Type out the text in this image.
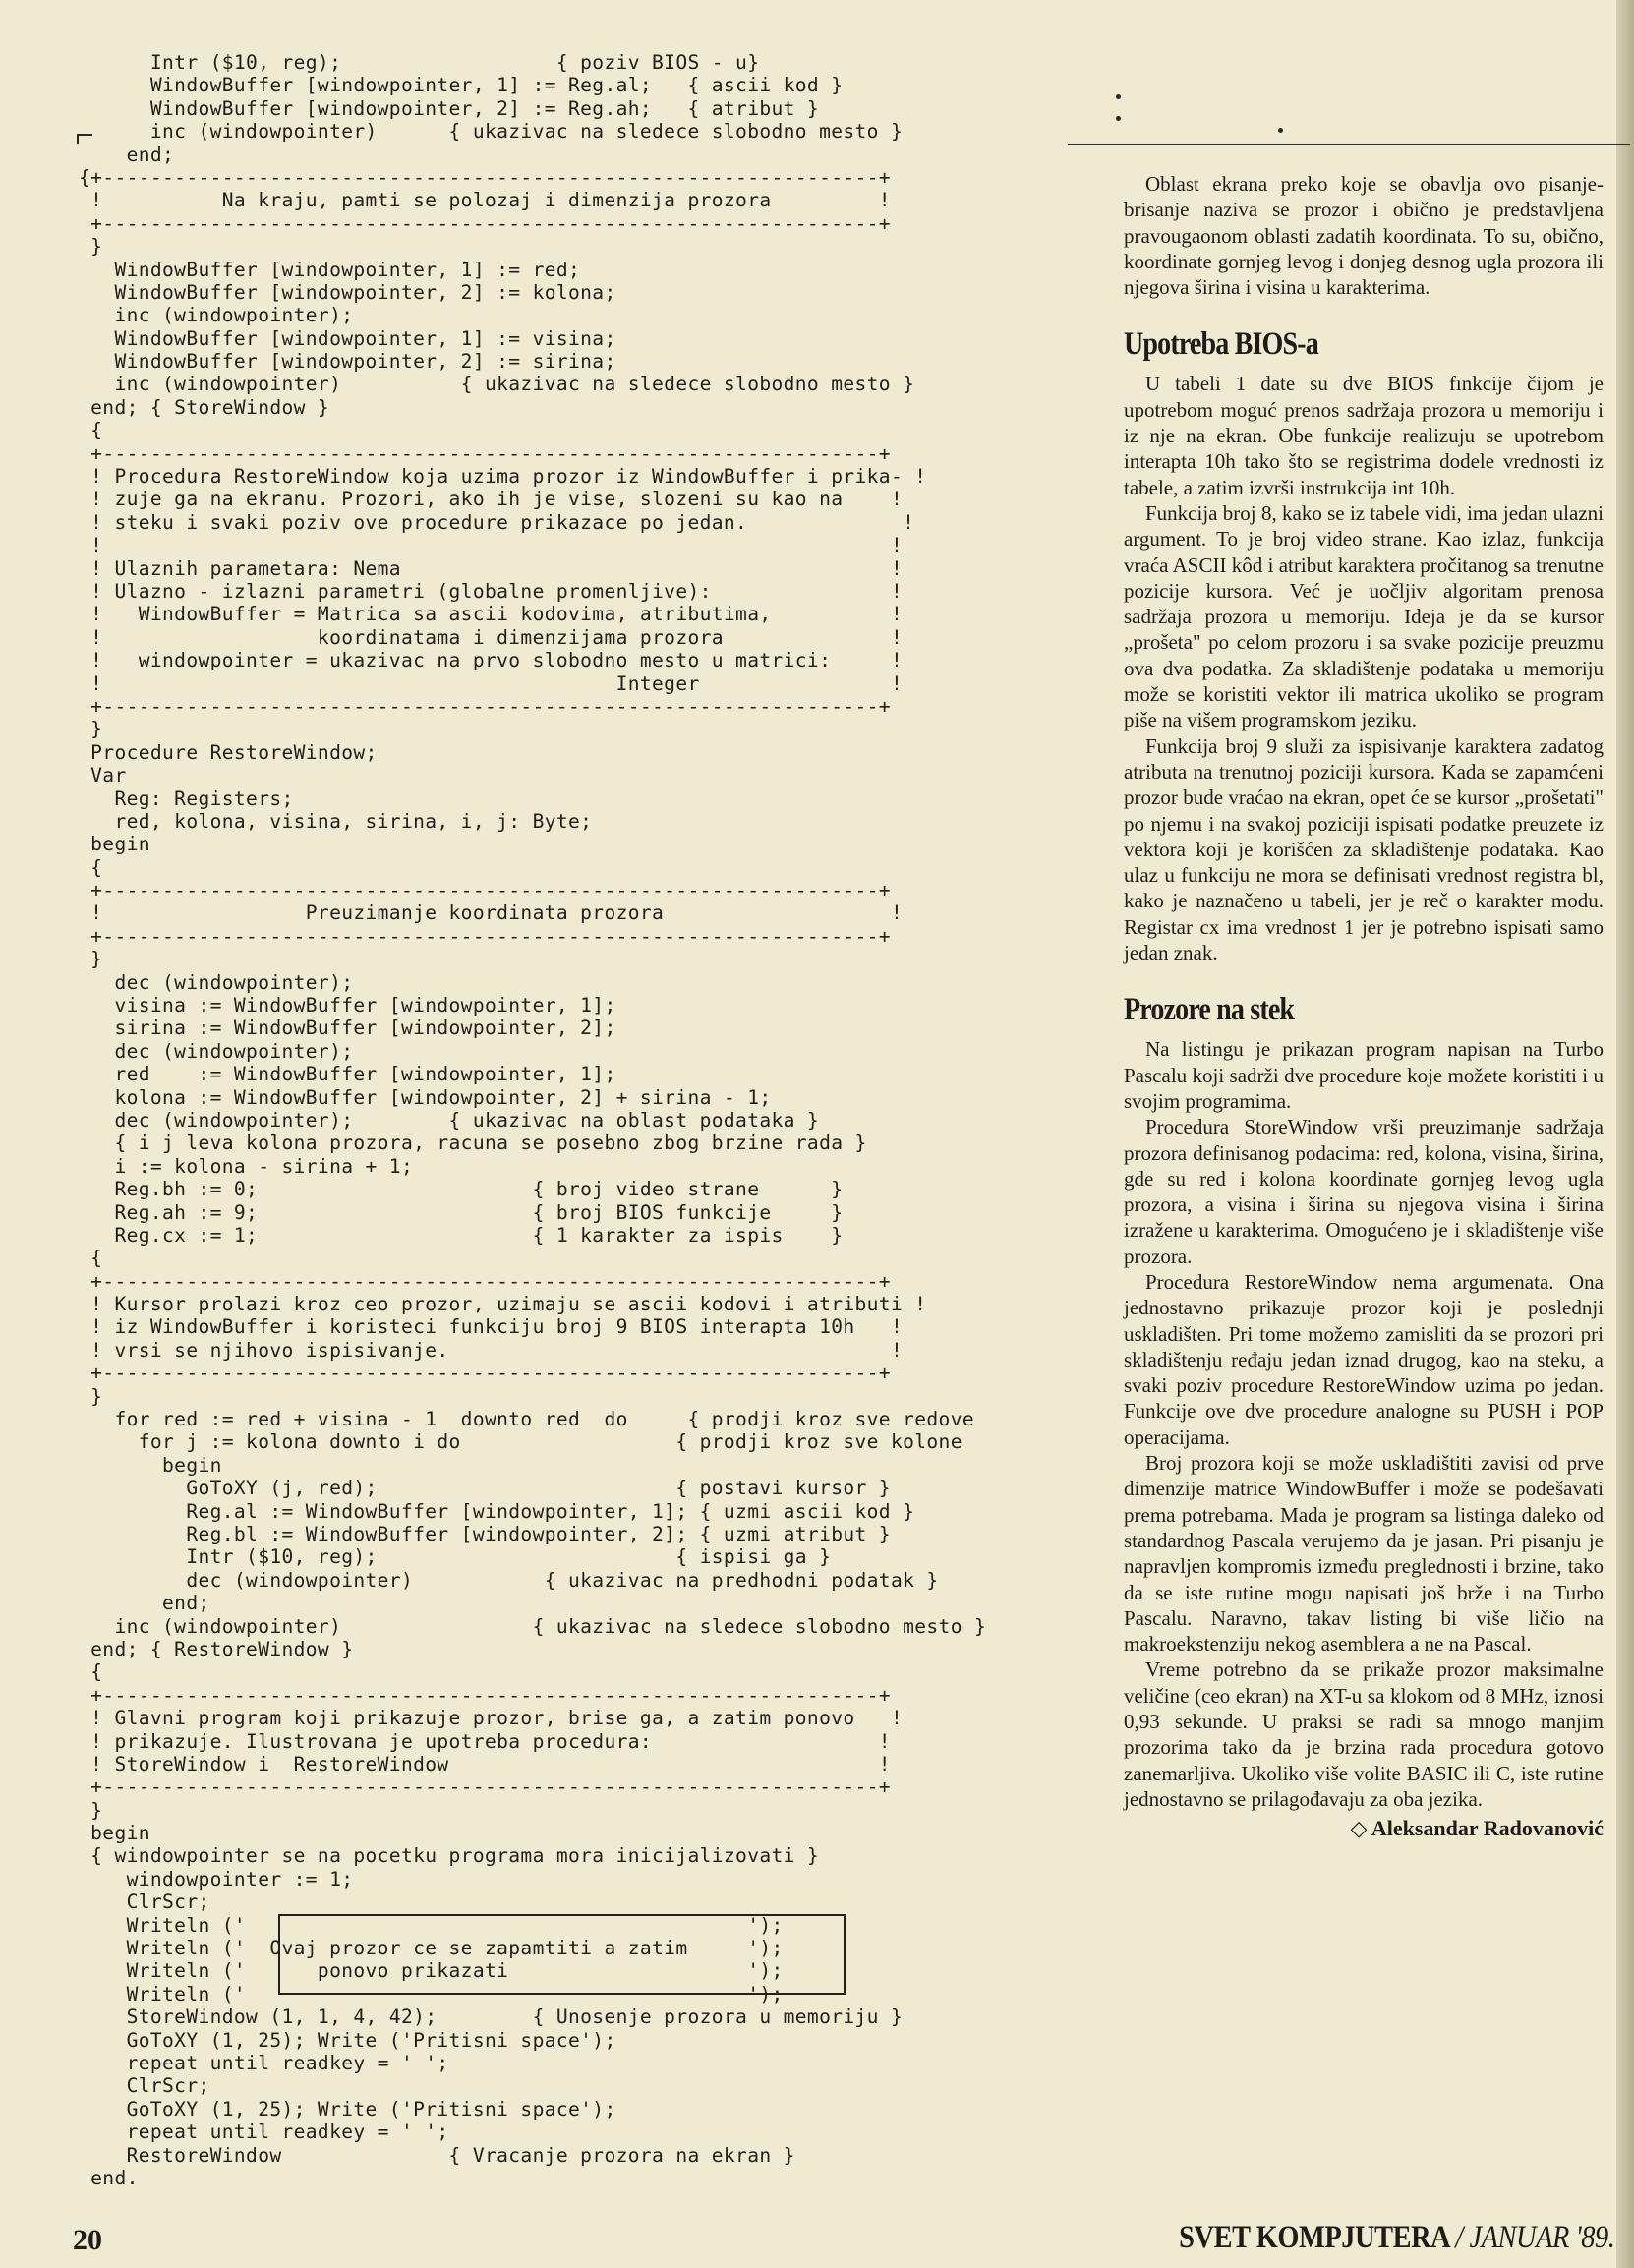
Intr ($10, reg);                  { poziv BIOS - u}
WindowBuffer [windowpointer, 1] := Reg.al;   { ascii kod }
WindowBuffer [windowpointer, 2] := Reg.ah;   { atribut }
inc (windowpointer)      { ukazivac na sledece slobodno mesto }
end;
{+-----------------------------------------------------------------+
!          Na kraju, pamti se polozaj i dimenzija prozora         !
+-----------------------------------------------------------------+
}
WindowBuffer [windowpointer, 1] := red;
WindowBuffer [windowpointer, 2] := kolona;
inc (windowpointer);
WindowBuffer [windowpointer, 1] := visina;
WindowBuffer [windowpointer, 2] := sirina;
inc (windowpointer)          { ukazivac na sledece slobodno mesto }
end; { StoreWindow }
{
+-----------------------------------------------------------------+
! Procedura RestoreWindow koja uzima prozor iz WindowBuffer i prika- !
! zuje ga na ekranu. Prozori, ako ih je vise, slozeni su kao na    !
! steku i svaki poziv ove procedure prikazace po jedan.             !
!                                                                  !
! Ulaznih parametara: Nema                                         !
! Ulazno - izlazni parametri (globalne promenljive):               !
!   WindowBuffer = Matrica sa ascii kodovima, atributima,          !
!                  koordinatama i dimenzijama prozora              !
!   windowpointer = ukazivac na prvo slobodno mesto u matrici:     !
!                                           Integer                !
+-----------------------------------------------------------------+
}
Procedure RestoreWindow;
Var
Reg: Registers;
red, kolona, visina, sirina, i, j: Byte;
begin
{
+-----------------------------------------------------------------+
!                 Preuzimanje koordinata prozora                   !
+-----------------------------------------------------------------+
}
dec (windowpointer);
visina := WindowBuffer [windowpointer, 1];
sirina := WindowBuffer [windowpointer, 2];
dec (windowpointer);
red    := WindowBuffer [windowpointer, 1];
kolona := WindowBuffer [windowpointer, 2] + sirina - 1;
dec (windowpointer);        { ukazivac na oblast podataka }
{ i j leva kolona prozora, racuna se posebno zbog brzine rada }
i := kolona - sirina + 1;
Reg.bh := 0;                       { broj video strane      }
Reg.ah := 9;                       { broj BIOS funkcije     }
Reg.cx := 1;                       { 1 karakter za ispis    }
{
+-----------------------------------------------------------------+
! Kursor prolazi kroz ceo prozor, uzimaju se ascii kodovi i atributi !
! iz WindowBuffer i koristeci funkciju broj 9 BIOS interapta 10h   !
! vrsi se njihovo ispisivanje.                                     !
+-----------------------------------------------------------------+
}
for red := red + visina - 1  downto red  do     { prodji kroz sve redove
for j := kolona downto i do                  { prodji kroz sve kolone
begin
GoToXY (j, red);                         { postavi kursor }
Reg.al := WindowBuffer [windowpointer, 1]; { uzmi ascii kod }
Reg.bl := WindowBuffer [windowpointer, 2]; { uzmi atribut }
Intr ($10, reg);                         { ispisi ga }
dec (windowpointer)           { ukazivac na predhodni podatak }
end;
inc (windowpointer)                { ukazivac na sledece slobodno mesto }
end; { RestoreWindow }
{
+-----------------------------------------------------------------+
! Glavni program koji prikazuje prozor, brise ga, a zatim ponovo   !
! prikazuje. Ilustrovana je upotreba procedura:                   !
! StoreWindow i  RestoreWindow                                    !
+-----------------------------------------------------------------+
}
begin
{ windowpointer se na pocetku programa mora inicijalizovati }
windowpointer := 1;
ClrScr;
Writeln ('                                          ');
Writeln ('  Ovaj prozor ce se zapamtiti a zatim     ');
Writeln ('      ponovo prikazati                    ');
Writeln ('                                          ');
StoreWindow (1, 1, 4, 42);        { Unosenje prozora u memoriju }
GoToXY (1, 25); Write ('Pritisni space');
repeat until readkey = ' ';
ClrScr;
GoToXY (1, 25); Write ('Pritisni space');
repeat until readkey = ' ';
RestoreWindow              { Vracanje prozora na ekran }
end.

Oblast ekrana preko koje se obavlja ovo pisanje-brisanje naziva se prozor i obično je predstavljena pravougaonom oblasti zadatih koordinata. To su, obično, koordinate gornjeg levog i donjeg desnog ugla prozora ili njegova širina i visina u karakterima.

Upotreba BIOS-a

U tabeli 1 date su dve BIOS fınkcije čijom je upotrebom moguć prenos sadržaja prozora u memoriju i iz nje na ekran. Obe funkcije realizuju se upotrebom interapta 10h tako što se registrima dodele vrednosti iz tabele, a zatim izvrši instrukcija int 10h.

Funkcija broj 8, kako se iz tabele vidi, ima jedan ulazni argument. To je broj video strane. Kao izlaz, funkcija vraća ASCII kôd i atribut karaktera pročitanog sa trenutne pozicije kursora. Već je uočljiv algoritam prenosa sadržaja prozora u memoriju. Ideja je da se kursor „prošeta" po celom prozoru i sa svake pozicije preuzmu ova dva podatka. Za skladištenje podataka u memoriju može se koristiti vektor ili matrica ukoliko se program piše na višem programskom jeziku.

Funkcija broj 9 služi za ispisivanje karaktera zadatog atributa na trenutnoj poziciji kursora. Kada se zapamćeni prozor bude vraćao na ekran, opet će se kursor „prošetati" po njemu i na svakoj poziciji ispisati podatke preuzete iz vektora koji je korišćen za skladištenje podataka. Kao ulaz u funkciju ne mora se definisati vrednost registra bl, kako je naznačeno u tabeli, jer je reč o karakter modu. Registar cx ima vrednost 1 jer je potrebno ispisati samo jedan znak.

Prozore na stek

Na listingu je prikazan program napisan na Turbo Pascalu koji sadrži dve procedure koje možete koristiti i u svojim programima.

Procedura StoreWindow vrši preuzimanje sadržaja prozora definisanog podacima: red, kolona, visina, širina, gde su red i kolona koordinate gornjeg levog ugla prozora, a visina i širina su njegova visina i širina izražene u karakterima. Omogućeno je i skladištenje više prozora.

Procedura RestoreWindow nema argumenata. Ona jednostavno prikazuje prozor koji je poslednji uskladišten. Pri tome možemo zamisliti da se prozori pri skladištenju ređaju jedan iznad drugog, kao na steku, a svaki poziv procedure RestoreWindow uzima po jedan. Funkcije ove dve procedure analogne su PUSH i POP operacijama.

Broj prozora koji se može uskladištiti zavisi od prve dimenzije matrice WindowBuffer i može se podešavati prema potrebama. Mada je program sa listinga daleko od standardnog Pascala verujemo da je jasan. Pri pisanju je napravljen kompromis između preglednosti i brzine, tako da se iste rutine mogu napisati još brže i na Turbo Pascalu. Naravno, takav listing bi više ličio na makroekstenziju nekog asemblera a ne na Pascal.

Vreme potrebno da se prikaže prozor maksimalne veličine (ceo ekran) na XT-u sa klokom od 8 MHz, iznosi 0,93 sekunde. U praksi se radi sa mnogo manjim prozorima tako da je brzina rada procedura gotovo zanemarljiva. Ukoliko više volite BASIC ili C, iste rutine jednostavno se prilagođavaju za oba jezika.

◇ Aleksandar Radovanović
20	SVET KOMPJUTERA / JANUAR '89.
